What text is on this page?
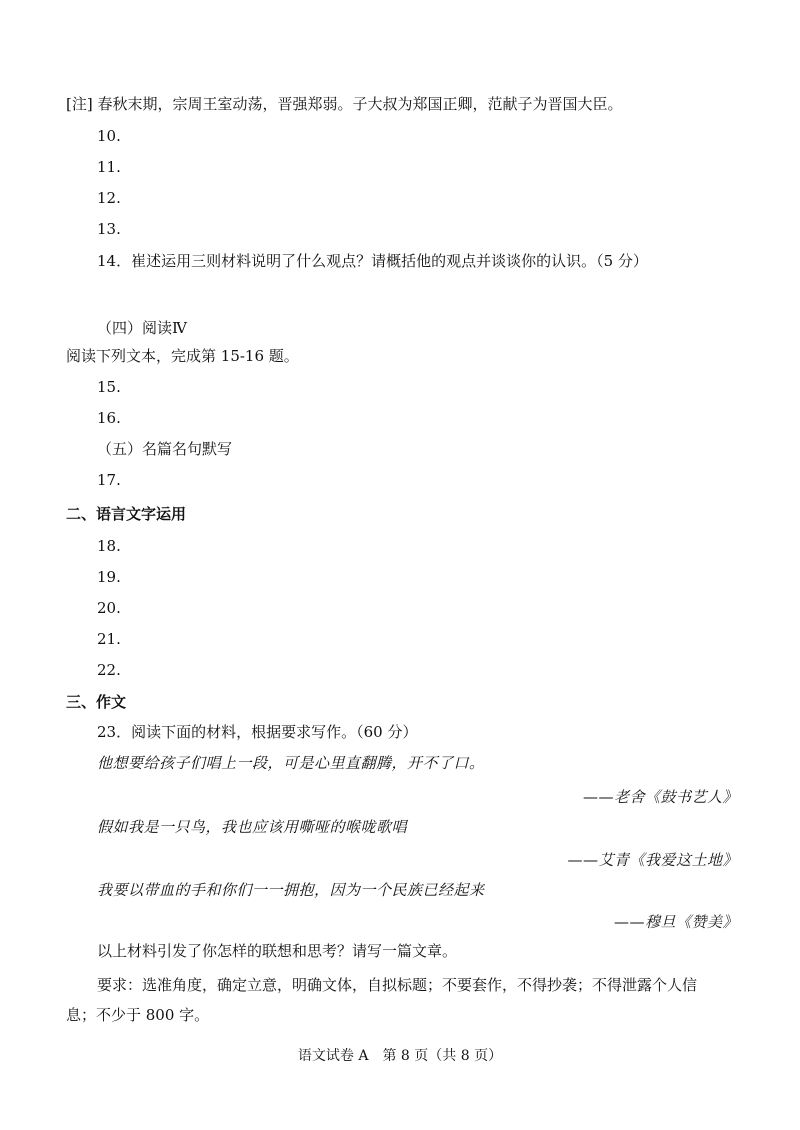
[注] 春秋末期，宗周王室动荡，晋强郑弱。子大叔为郑国正卿，范献子为晋国大臣。
10.
11.
12.
13.
14．崔述运用三则材料说明了什么观点？请概括他的观点并谈谈你的认识。（5 分）
（四）阅读Ⅳ
阅读下列文本，完成第 15-16 题。
15.
16.
（五）名篇名句默写
17.
二、语言文字运用
18.
19.
20.
21.
22.
三、作文
23．阅读下面的材料，根据要求写作。（60 分）
他想要给孩子们唱上一段，可是心里直翻腾，开不了口。
——老舍《鼓书艺人》
假如我是一只鸟，我也应该用嘶哑的喉咙歌唱
——艾青《我爱这土地》
我要以带血的手和你们一一拥抱，因为一个民族已经起来
——穆旦《赞美》
以上材料引发了你怎样的联想和思考？请写一篇文章。
要求：选准角度，确定立意，明确文体，自拟标题；不要套作，不得抄袭；不得泄露个人信
息；不少于 800 字。
语文试卷 A　第 8 页（共 8 页）
